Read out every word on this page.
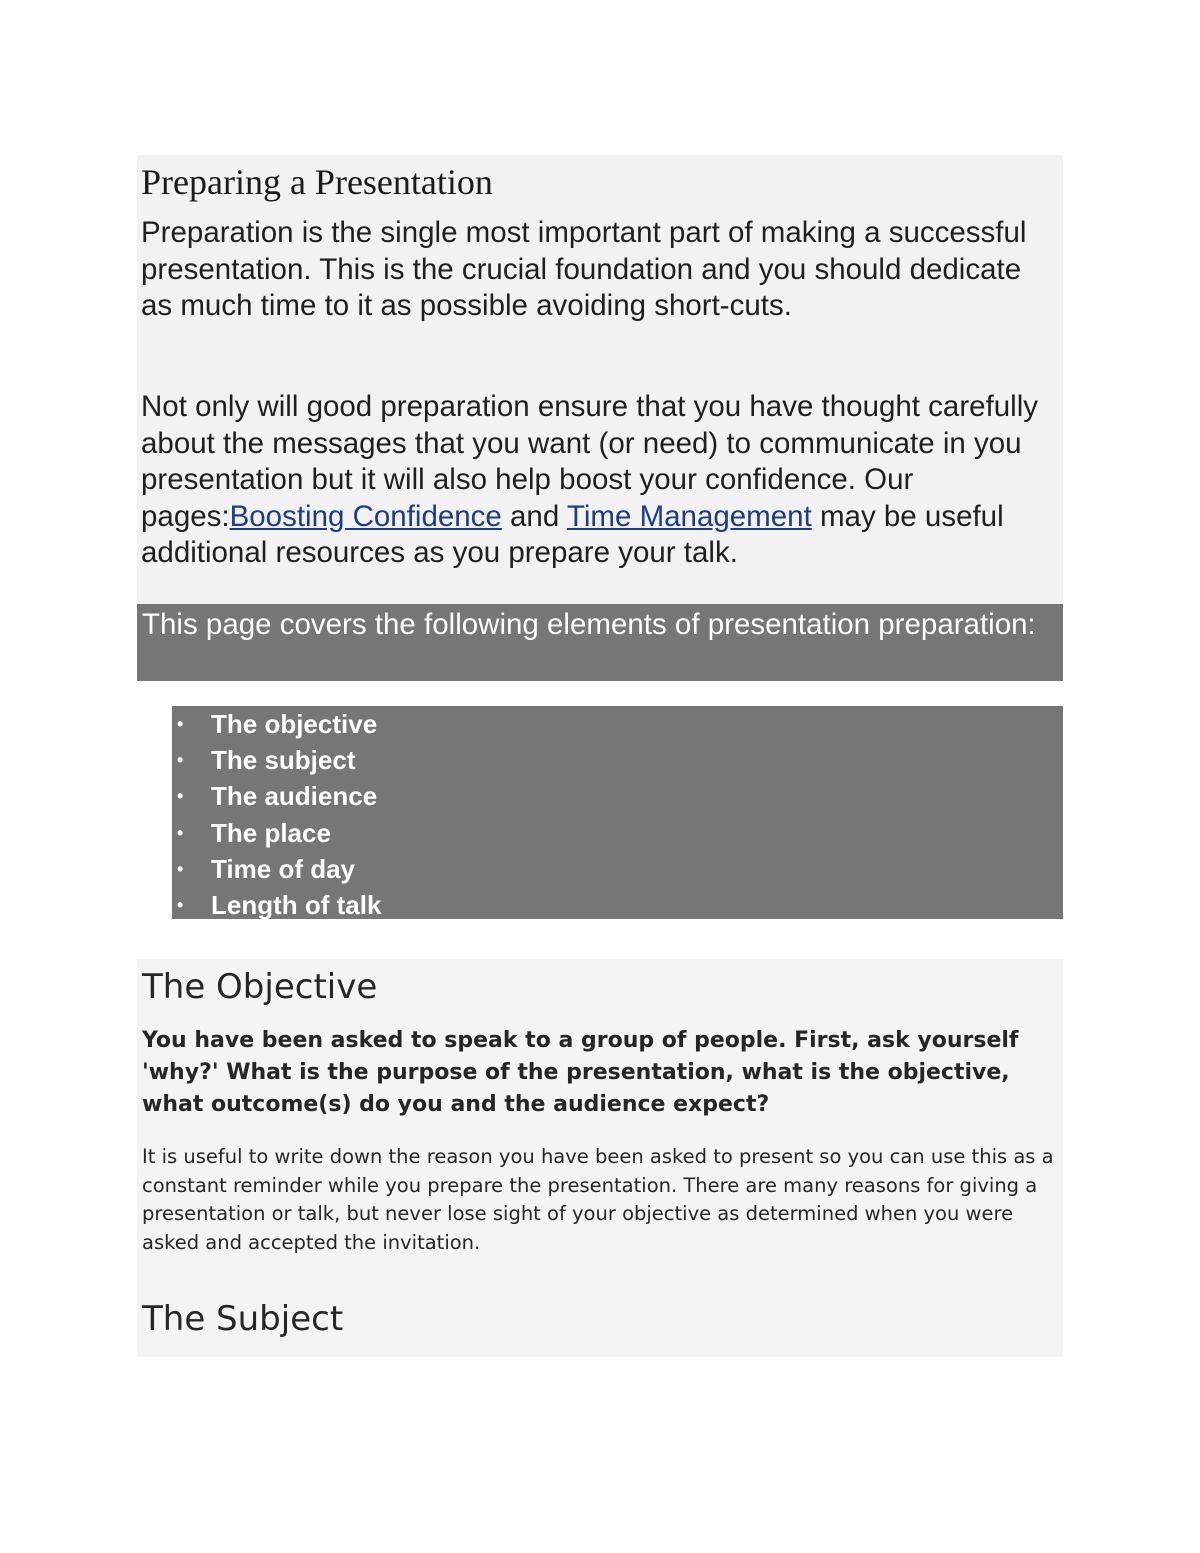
Preparing a Presentation

Preparation is the single most important part of making a successful presentation. This is the crucial foundation and you should dedicate as much time to it as possible avoiding short-cuts.

Not only will good preparation ensure that you have thought carefully about the messages that you want (or need) to communicate in you presentation but it will also help boost your confidence. Our pages:Boosting Confidence and Time Management may be useful additional resources as you prepare your talk.

This page covers the following elements of presentation preparation:
• The objective
• The subject
• The audience
• The place
• Time of day
• Length of talk
The Objective

You have been asked to speak to a group of people. First, ask yourself 'why?' What is the purpose of the presentation, what is the objective, what outcome(s) do you and the audience expect?

It is useful to write down the reason you have been asked to present so you can use this as a constant reminder while you prepare the presentation. There are many reasons for giving a presentation or talk, but never lose sight of your objective as determined when you were asked and accepted the invitation.

The Subject
